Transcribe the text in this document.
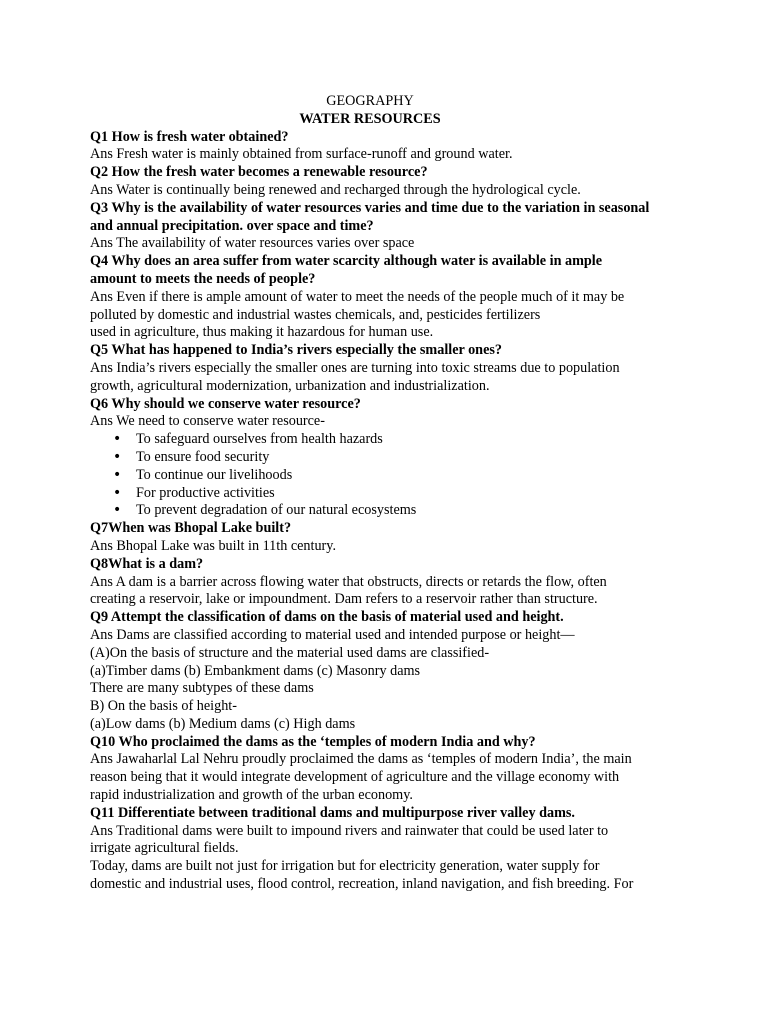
GEOGRAPHY

WATER RESOURCES

Q1 How is fresh water obtained?

Ans Fresh water is mainly obtained from surface-runoff and ground water.

Q2 How the fresh water becomes a renewable resource?

Ans Water is continually being renewed and recharged through the hydrological cycle.

Q3 Why is the availability of water resources varies and time due to the variation in seasonal and annual precipitation. over space and time?

Ans The availability of water resources varies over space

Q4 Why does an area suffer from water scarcity although water is available in ample amount to meets the needs of people?

Ans Even if there is ample amount of water to meet the needs of the people much of it may be polluted by domestic and industrial wastes chemicals, and, pesticides fertilizers

used in agriculture, thus making it hazardous for human use.

Q5 What has happened to India’s rivers especially the smaller ones?

Ans India’s rivers especially the smaller ones are turning into toxic streams due to population growth, agricultural modernization, urbanization and industrialization.

Q6 Why should we conserve water resource?

Ans We need to conserve water resource-

• To safeguard ourselves from health hazards
• To ensure food security
• To continue our livelihoods
• For productive activities
• To prevent degradation of our natural ecosystems

Q7When was Bhopal Lake built?

Ans Bhopal Lake was built in 11th century.

Q8What is a dam?

Ans A dam is a barrier across flowing water that obstructs, directs or retards the flow, often creating a reservoir, lake or impoundment. Dam refers to a reservoir rather than structure.

Q9 Attempt the classification of dams on the basis of material used and height.

Ans Dams are classified according to material used and intended purpose or height—

(A)On the basis of structure and the material used dams are classified-

(a)Timber dams (b) Embankment dams (c) Masonry dams

There are many subtypes of these dams

B) On the basis of height-

(a)Low dams (b) Medium dams (c) High dams

Q10 Who proclaimed the dams as the ‘temples of modern India and why?

Ans Jawaharlal Lal Nehru proudly proclaimed the dams as ‘temples of modern India’, the main reason being that it would integrate development of agriculture and the village economy with rapid industrialization and growth of the urban economy.

Q11 Differentiate between traditional dams and multipurpose river valley dams.

Ans Traditional dams were built to impound rivers and rainwater that could be used later to irrigate agricultural fields.

Today, dams are built not just for irrigation but for electricity generation, water supply for domestic and industrial uses, flood control, recreation, inland navigation, and fish breeding. For
